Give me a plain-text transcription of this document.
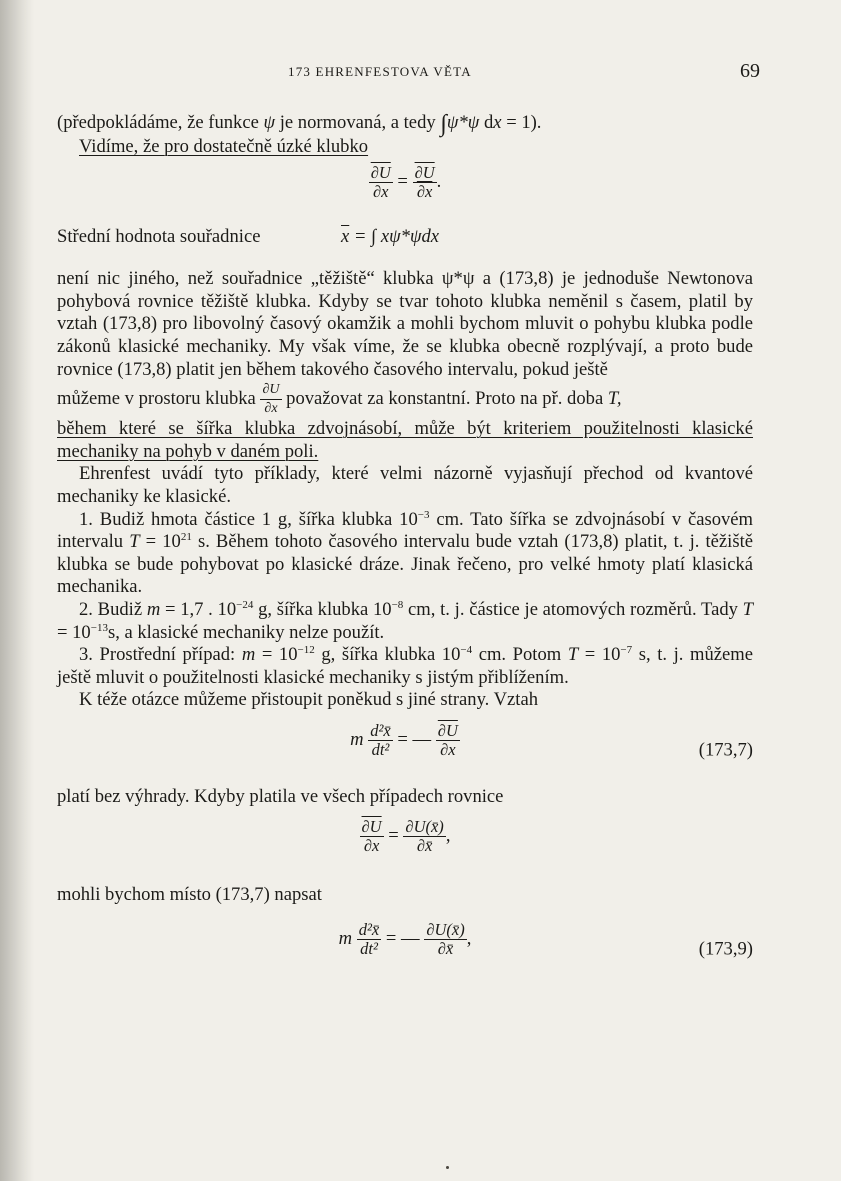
173 EHRENFESTOVA VĚTA	69

(předpokládáme, že funkce ψ je normovaná, a tedy ∫ψ*ψ dx = 1).

Vidíme, že pro dostatečně úzké klubko

$\frac{\partial U}{\partial x} = \frac{\partial U}{\partial x}$ .
Střední hodnota souřadnice	$\overline{x}$ = ∫ xψ*ψdx

není nic jiného, než souřadnice „těžiště“ klubka ψ*ψ a (173,8) je jednoduše Newtonova pohybová rovnice těžiště klubka. Kdyby se tvar tohoto klubka neměnil s časem, platil by vztah (173,8) pro libovolný časový okamžik a mohli bychom mluvit o pohybu klubka podle zákonů klasické mechaniky. My však víme, že se klubka obecně rozplývají, a proto bude rovnice (173,8) platit jen během takového časového intervalu, pokud ještě

můžeme v prostoru klubka $\frac{\partial U}{\partial x}$ považovat za konstantní. Proto na př. doba T,

během které se šířka klubka zdvojnásobí, může být kriteriem použitelnosti klasické mechaniky na pohyb v daném poli.

Ehrenfest uvádí tyto příklady, které velmi názorně vyjasňují přechod od kvantové mechaniky ke klasické.

1. Budiž hmota částice 1 g, šířka klubka $10^{-3}$ cm. Tato šířka se zdvojnásobí v časovém intervalu $T = 10^{21}$ s. Během tohoto časového intervalu bude vztah (173,8) platit, t. j. těžiště klubka se bude pohybovat po klasické dráze. Jinak řečeno, pro velké hmoty platí klasická mechanika.

2. Budiž m = 1,7 . $10^{-24}$ g, šířka klubka $10^{-8}$ cm, t. j. částice je atomových rozměrů. Tady $T = 10^{-13}s$, a klasické mechaniky nelze použít.

3. Prostřední případ: $m = 10^{-12}$ g, šířka klubka $10^{-4}$ cm. Potom $T = 10^{-7}$ s, t. j. můžeme ještě mluvit o použitelnosti klasické mechaniky s jistým přiblížením.

K téže otázce můžeme přistoupit poněkud s jiné strany. Vztah

m $\frac{\text{d²x̄}}{\text{dt²}}$ = — $\frac{\partial U}{\partial x}$	(173,7)

platí bez výhrady. Kdyby platila ve všech případech rovnice

$\frac{\partial U}{\partial x} = \frac{\partial U(x̄)}{\partial x̄}$ ,

mohli bychom místo (173,7) napsat

m $\frac{\text{d²x̄}}{\text{dt²}}$ = — $\frac{\partial U(x̄)}{\partial x̄}$ ,
(173,9)
